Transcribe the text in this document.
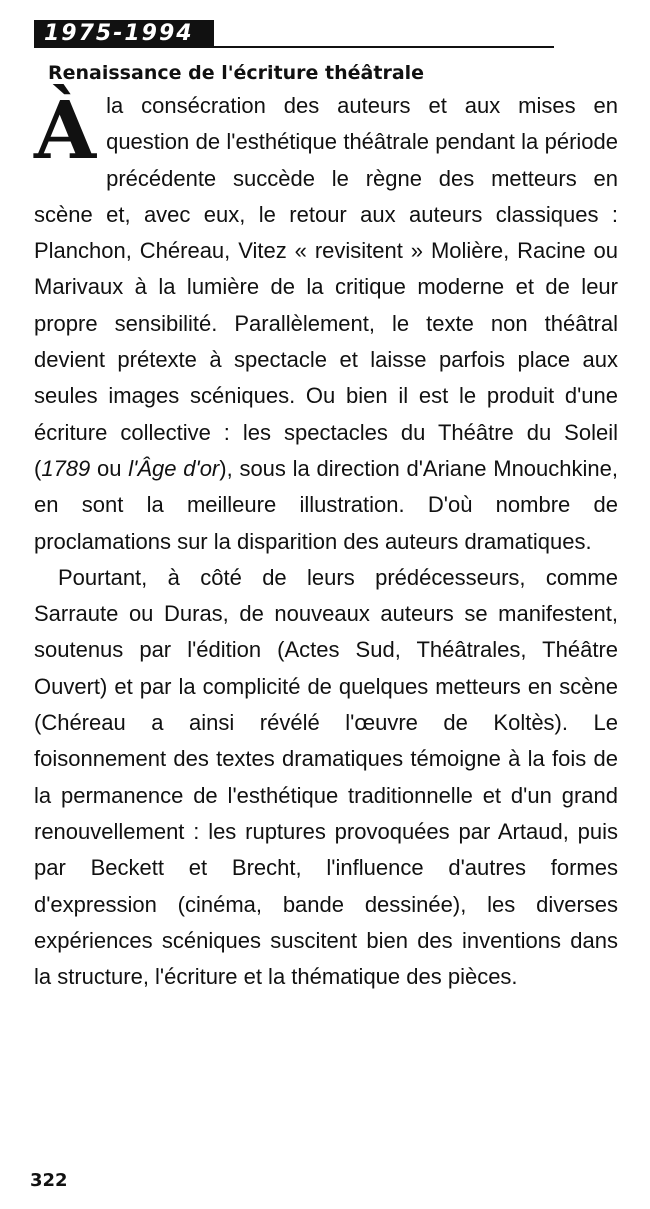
1975-1994
Renaissance de l'écriture théâtrale

Àla consécration des auteurs et aux mises en question de l'esthétique théâtrale pendant la période précédente succède le règne des metteurs en scène et, avec eux, le retour aux auteurs classiques : Planchon, Chéreau, Vitez « revisitent » Molière, Racine ou Marivaux à la lumière de la critique moderne et de leur propre sensibilité. Parallèlement, le texte non théâtral devient prétexte à spectacle et laisse parfois place aux seules images scéniques. Ou bien il est le produit d'une écriture collective : les spectacles du Théâtre du Soleil (1789 ou l'Âge d'or), sous la direction d'Ariane Mnouchkine, en sont la meilleure illustration. D'où nombre de proclamations sur la disparition des auteurs dramatiques.

Pourtant, à côté de leurs prédécesseurs, comme Sarraute ou Duras, de nouveaux auteurs se manifestent, soutenus par l'édition (Actes Sud, Théâtrales, Théâtre Ouvert) et par la complicité de quelques metteurs en scène (Chéreau a ainsi révélé l'œuvre de Koltès). Le foisonnement des textes dramatiques témoigne à la fois de la permanence de l'esthétique traditionnelle et d'un grand renouvellement : les ruptures provoquées par Artaud, puis par Beckett et Brecht, l'influence d'autres formes d'expression (cinéma, bande dessinée), les diverses expériences scéniques suscitent bien des inventions dans la structure, l'écriture et la thématique des pièces.

322
